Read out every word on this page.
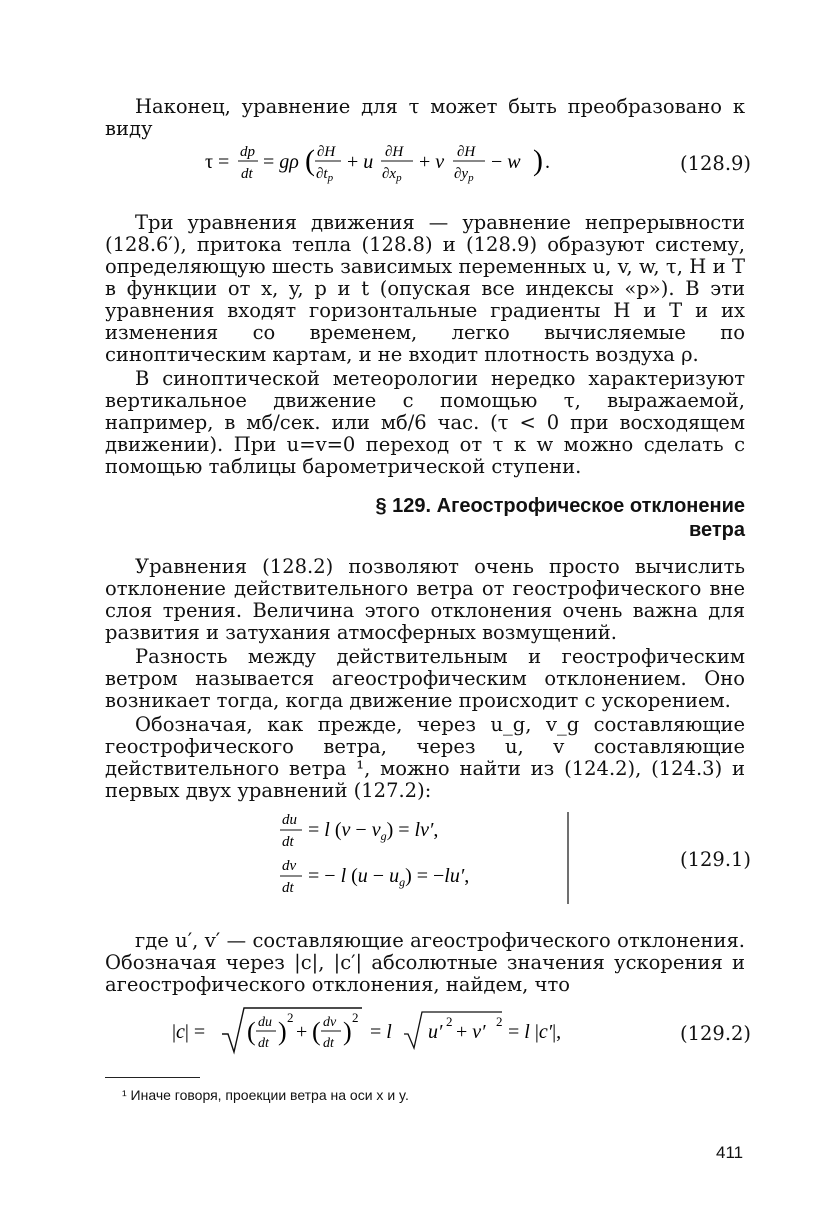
Наконец, уравнение для τ может быть преобразовано к виду

τ = dp
dt
= gρ ( ∂H
$\partial t_p$
+ u ∂H
$\partial x_p$
+ v ∂H
$\partial y_p$
− w ) .	(128.9)

Три уравнения движения — уравнение непрерывности (128.6′), притока тепла (128.8) и (128.9) образуют систему, определяющую шесть зависимых переменных u, v, w, τ, H и T в функции от x, y, p и t (опуская все индексы «p»). В эти уравнения входят горизонтальные градиенты H и T и их изменения со временем, легко вычисляемые по синоптическим картам, и не входит плотность воздуха ρ.

В синоптической метеорологии нередко характеризуют вертикальное движение с помощью τ, выражаемой, например, в мб/сек. или мб/6 час. (τ < 0 при восходящем движении). При u=v=0 переход от τ к w можно сделать с помощью таблицы барометрической ступени.

§ 129. Агеострофическое отклонение
ветра

Уравнения (128.2) позволяют очень просто вычислить отклонение действительного ветра от геострофического вне слоя трения. Величина этого отклонения очень важна для развития и затухания атмосферных возмущений.

Разность между действительным и геострофическим ветром называется агеострофическим отклонением. Оно возникает тогда, когда движение происходит с ускорением.

Обозначая, как прежде, через u_g, v_g составляющие геострофического ветра, через u, v составляющие действительного ветра ¹, можно найти из (124.2), (124.3) и первых двух уравнений (127.2):

du
dt
= l $(v - v_g) = lv'$,
dv
dt
= − l $(u - u_g) = -lu'$,
(129.1)

где u′, v′ — составляющие агеострофического отклонения. Обозначая через |c|, |c′| абсолютные значения ускорения и агеострофического отклонения, найдем, что

|c| = ( du
dt ) 2
+ ( dv
dt ) 2
= l u′ 2 + v′ 2 = l |c′|,	(129.2)
¹ Иначе говоря, проекции ветра на оси x и y.
411
